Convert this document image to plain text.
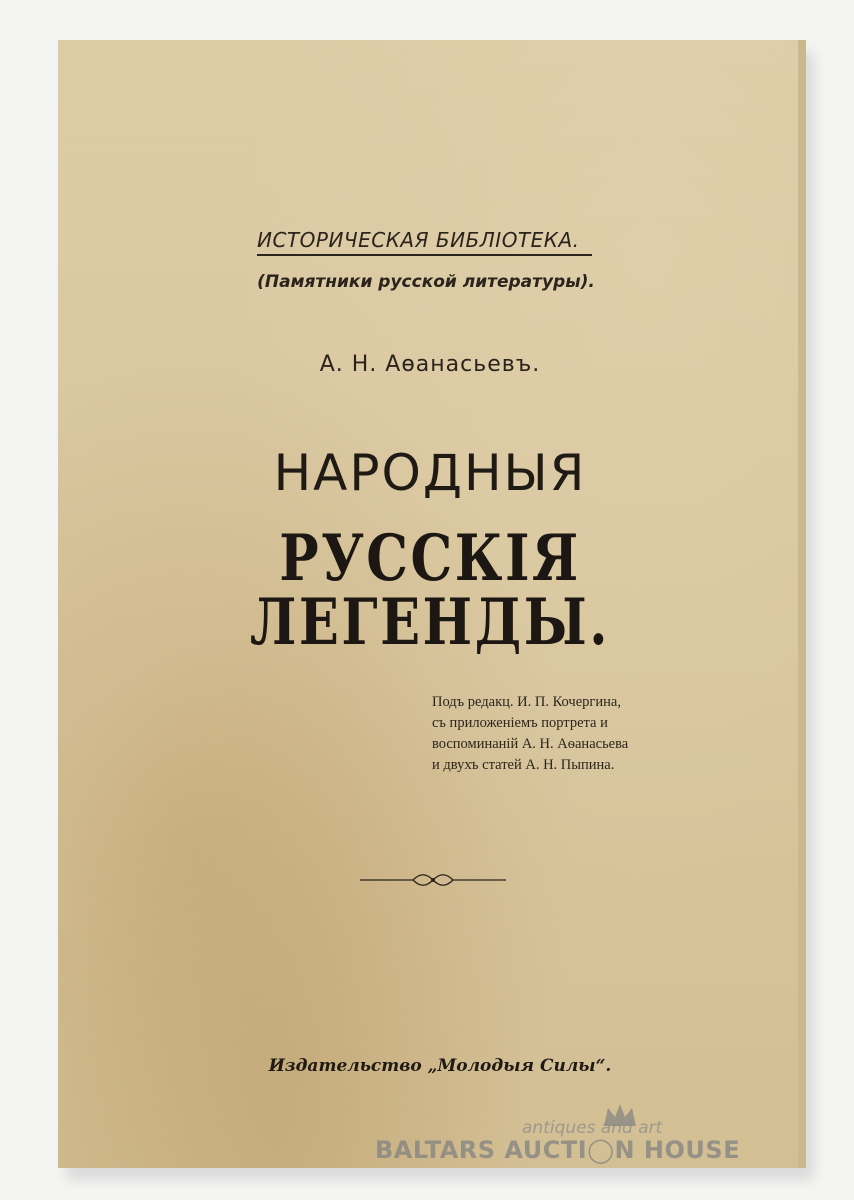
ИСТОРИЧЕСКАЯ БИБЛІОТЕКА.
(Памятники русской литературы).
А. Н. Аѳанасьевъ.
НАРОДНЫЯ
РУССКІЯ ЛЕГЕНДЫ.
Подъ редакц. И. П. Кочергина,
съ приложеніемъ портрета и
воспоминаній А. Н. Аѳанасьева
и двухъ статей А. Н. Пыпина.
Издательство „Молодыя Силы“.
antiques and art
BALTARS AUCTI◯N HOUSE
